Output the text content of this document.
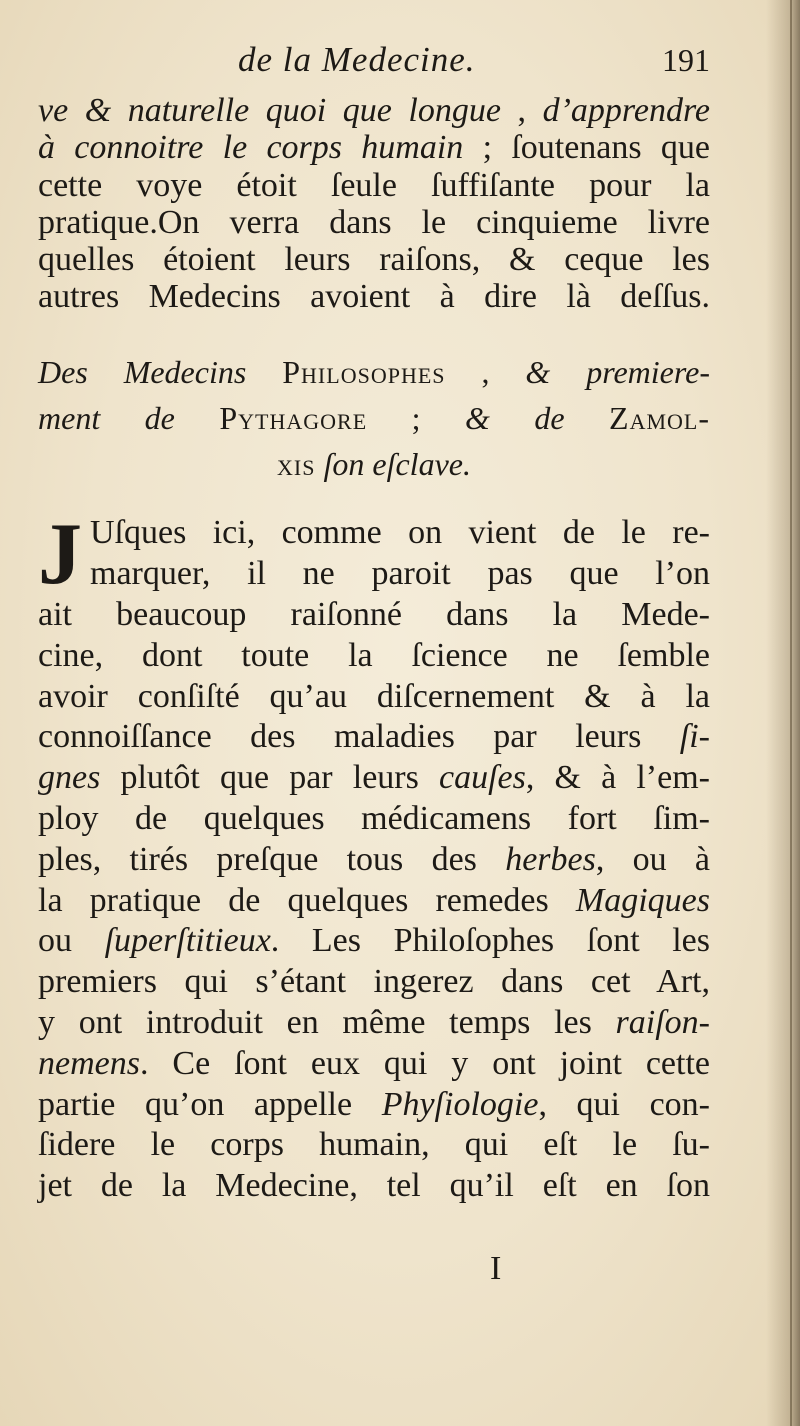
de la Medecine.	191
ve & naturelle quoi que longue , d’apprendre
à connoitre le corps humain ; ſoutenans que
cette voye étoit ſeule ſuffiſante pour la
pratique.On verra dans le cinquieme livre
quelles étoient leurs raiſons, & ceque les
autres Medecins avoient à dire là deſſus.
Des Medecins Philosophes , & premiere-
ment de Pythagore ; & de Zamol-
xis ſon eſclave.
J Uſques ici, comme on vient de le re-
marquer, il ne paroit pas que l’on
ait beaucoup raiſonné dans la Mede-
cine, dont toute la ſcience ne ſemble
avoir conſiſté qu’au diſcernement & à la
connoiſſance des maladies par leurs ſi-
gnes plutôt que par leurs cauſes, & à l’em-
ploy de quelques médicamens fort ſim-
ples, tirés preſque tous des herbes, ou à
la pratique de quelques remedes Magiques
ou ſuperſtitieux. Les Philoſophes ſont les
premiers qui s’étant ingerez dans cet Art,
y ont introduit en même temps les raiſon-
nemens. Ce ſont eux qui y ont joint cette
partie qu’on appelle Phyſiologie, qui con-
ſidere le corps humain, qui eſt le ſu-
jet de la Medecine, tel qu’il eſt en ſon
I
